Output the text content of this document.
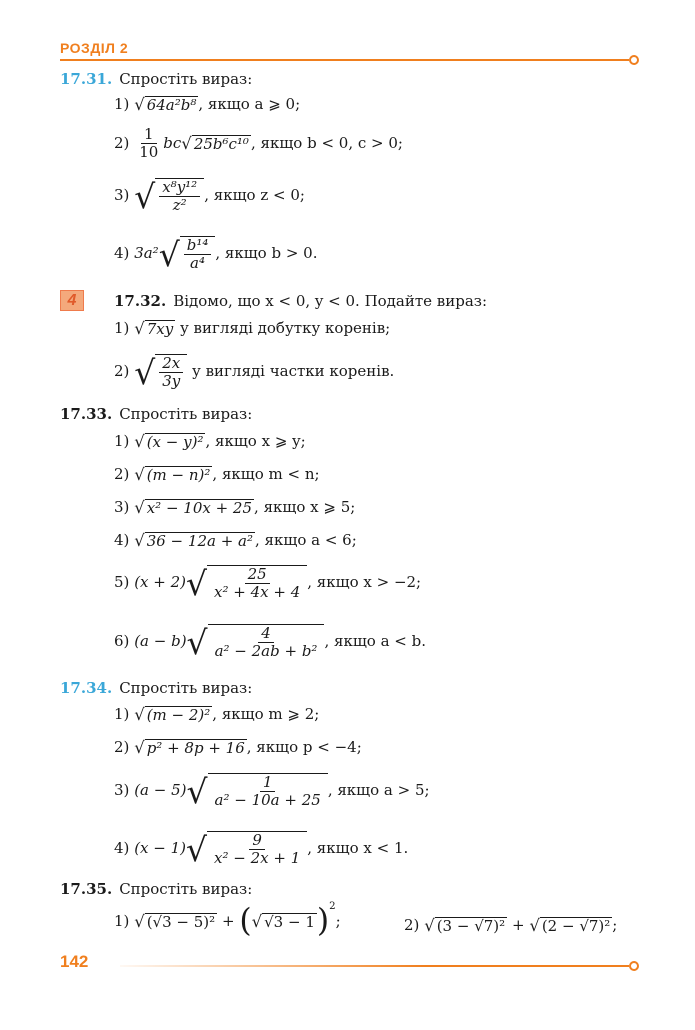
РОЗДІЛ 2
17.31. Спростіть вираз:
1)
√ 64a²b⁸ , якщо a ⩾ 0;
2)
$\frac{1}{10}$ bc √ 25b⁶c¹⁰ , якщо b < 0, c > 0;
3)
√ $\frac{\text{x⁸y¹²}}{\text{z²}}$ , якщо z < 0;
4)
3a² √ $\frac{\text{b¹⁴}}{\text{a⁴}}$ , якщо b > 0.
4	17.32. Відомо, що x < 0, y < 0. Подайте вираз:
1)
√ 7xy у вигляді добутку коренів;
2)
√ $\frac{2x}{3y}$ у вигляді частки коренів.
17.33. Спростіть вираз:
1)
√ (x − y)² , якщо x ⩾ y;
2)
√ (m − n)² , якщо m < n;
3)
√ x² − 10x + 25 , якщо x ⩾ 5;
4)
√ 36 − 12a + a² , якщо a < 6;
5)
(x + 2) √ $\frac{25}{\text{x² + 4x + 4}}$ , якщо x > −2;
6)
(a − b) √ $\frac{4}{\text{a² − 2ab + b²}}$ , якщо a < b.
17.34. Спростіть вираз:
1)
√ (m − 2)² , якщо m ⩾ 2;
2)
√ p² + 8p + 16 , якщо p < −4;
3)
(a − 5) √ $\frac{1}{\text{a² − 10a + 25}}$ , якщо a > 5;
4)
(x − 1) √ $\frac{9}{\text{x² − 2x + 1}}$ , якщо x < 1.
17.35. Спростіть вираз:
1)
√ (√3 − 5)²
+
( √ √3 − 1 )$^2$
;	2)
√ (3 − √7)²
+
√ (2 − √7)² ;
142
